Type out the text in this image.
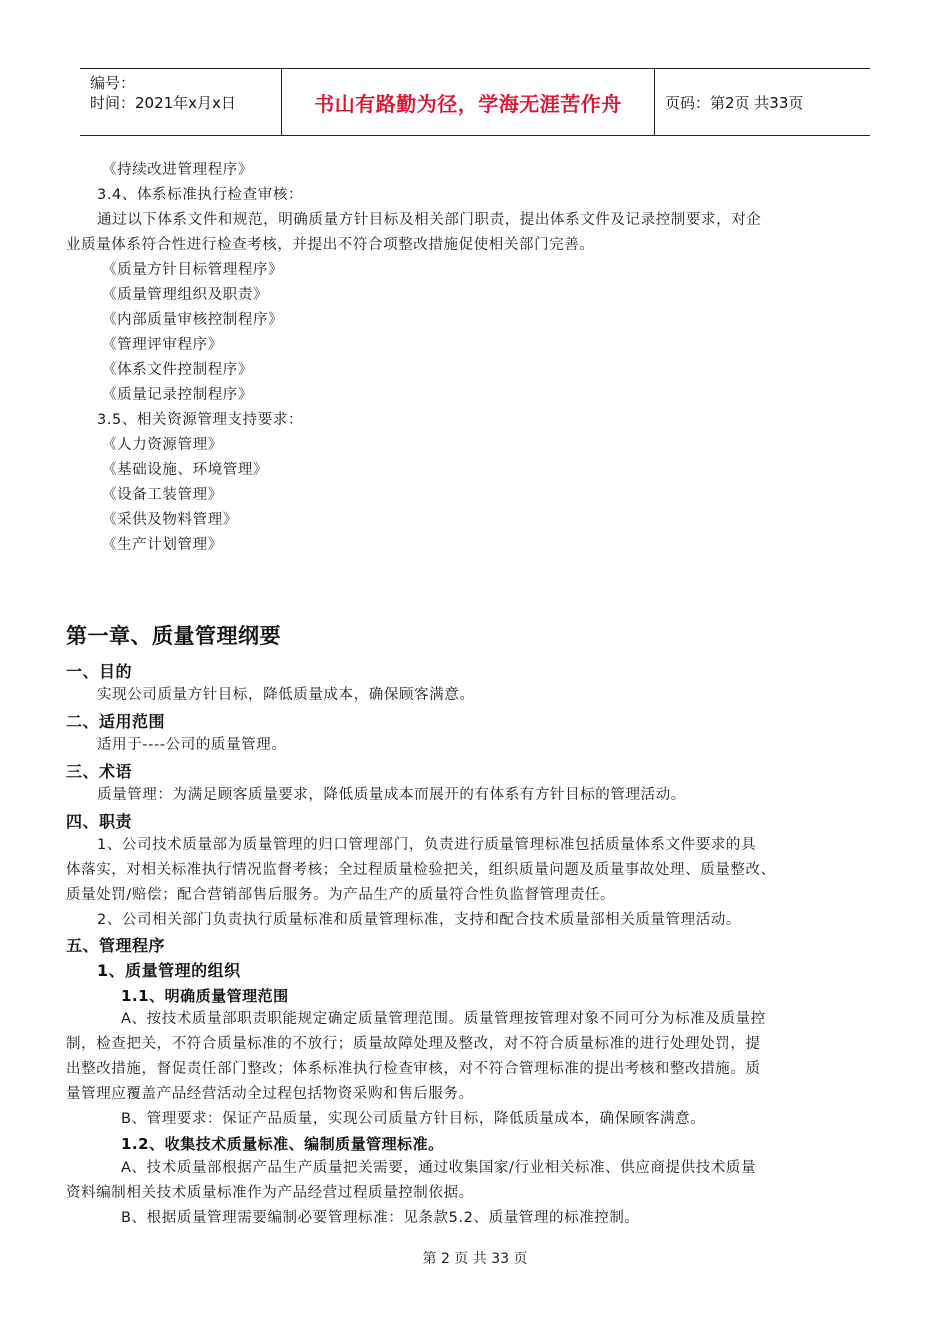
编号：
时间：2021年x月x日	书山有路勤为径，学海无涯苦作舟	页码：第2页 共33页
《持续改进管理程序》
3.4、体系标准执行检查审核：
通过以下体系文件和规范，明确质量方针目标及相关部门职责，提出体系文件及记录控制要求，对企
业质量体系符合性进行检查考核，并提出不符合项整改措施促使相关部门完善。
《质量方针目标管理程序》
《质量管理组织及职责》
《内部质量审核控制程序》
《管理评审程序》
《体系文件控制程序》
《质量记录控制程序》
3.5、相关资源管理支持要求：
《人力资源管理》
《基础设施、环境管理》
《设备工装管理》
《采供及物料管理》
《生产计划管理》
第一章、质量管理纲要
一、目的
实现公司质量方针目标，降低质量成本，确保顾客满意。
二、适用范围
适用于----公司的质量管理。
三、术语
质量管理：为满足顾客质量要求，降低质量成本而展开的有体系有方针目标的管理活动。
四、职责
1、公司技术质量部为质量管理的归口管理部门，负责进行质量管理标准包括质量体系文件要求的具
体落实，对相关标准执行情况监督考核；全过程质量检验把关，组织质量问题及质量事故处理、质量整改、
质量处罚/赔偿；配合营销部售后服务。为产品生产的质量符合性负监督管理责任。
2、公司相关部门负责执行质量标准和质量管理标准，支持和配合技术质量部相关质量管理活动。
五、管理程序
1、质量管理的组织
1.1、明确质量管理范围
A、按技术质量部职责职能规定确定质量管理范围。质量管理按管理对象不同可分为标准及质量控
制，检查把关，不符合质量标准的不放行；质量故障处理及整改，对不符合质量标准的进行处理处罚，提
出整改措施，督促责任部门整改；体系标准执行检查审核，对不符合管理标准的提出考核和整改措施。质
量管理应覆盖产品经营活动全过程包括物资采购和售后服务。
B、管理要求：保证产品质量，实现公司质量方针目标，降低质量成本，确保顾客满意。
1.2、收集技术质量标准、编制质量管理标准。
A、技术质量部根据产品生产质量把关需要，通过收集国家/行业相关标准、供应商提供技术质量
资料编制相关技术质量标准作为产品经营过程质量控制依据。
B、根据质量管理需要编制必要管理标准：见条款5.2、质量管理的标准控制。
第 2 页 共 33 页
